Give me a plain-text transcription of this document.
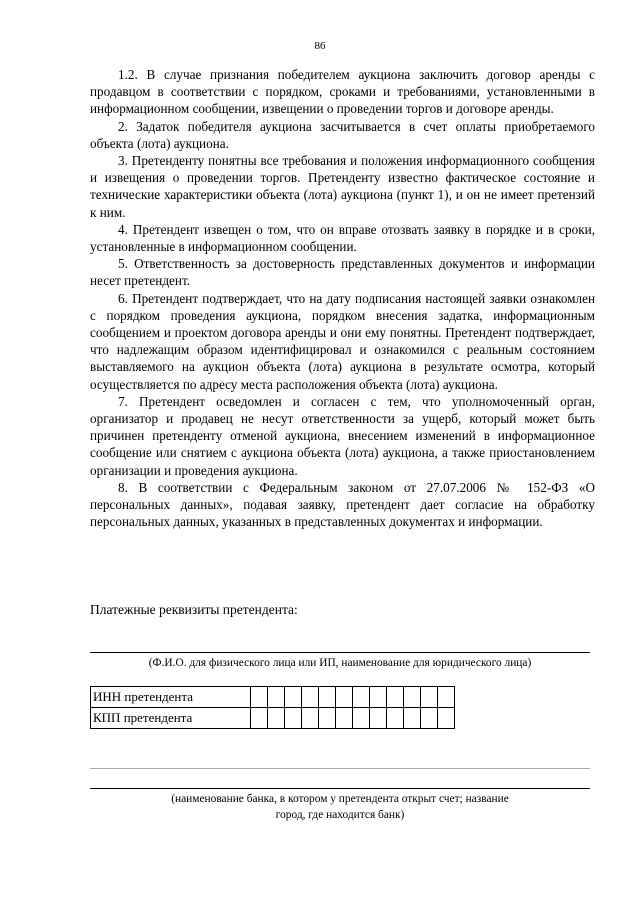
86

1.2. В случае признания победителем аукциона заключить договор аренды с продавцом в соответствии с порядком, сроками и требованиями, установленными в информационном сообщении, извещении о проведении торгов и договоре аренды.

2. Задаток победителя аукциона засчитывается в счет оплаты приобретаемого объекта (лота) аукциона.

3. Претенденту понятны все требования и положения информационного сообщения и извещения о проведении торгов. Претенденту известно фактическое состояние и технические характеристики объекта (лота) аукциона (пункт 1), и он не имеет претензий к ним.

4. Претендент извещен о том, что он вправе отозвать заявку в порядке и в сроки, установленные в информационном сообщении.

5. Ответственность за достоверность представленных документов и информации несет претендент.

6. Претендент подтверждает, что на дату подписания настоящей заявки ознакомлен с порядком проведения аукциона, порядком внесения задатка, информационным сообщением и проектом договора аренды и они ему понятны. Претендент подтверждает, что надлежащим образом идентифицировал и ознакомился с реальным состоянием выставляемого на аукцион объекта (лота) аукциона в результате осмотра, который осуществляется по адресу места расположения объекта (лота) аукциона.

7. Претендент осведомлен и согласен с тем, что уполномоченный орган, организатор и продавец не несут ответственности за ущерб, который может быть причинен претенденту отменой аукциона, внесением изменений в информационное сообщение или снятием с аукциона объекта (лота) аукциона, а также приостановлением организации и проведения аукциона.

8. В соответствии с Федеральным законом от 27.07.2006 № 152-ФЗ «О персональных данных», подавая заявку, претендент дает согласие на обработку персональных данных, указанных в представленных документах и информации.

Платежные реквизиты претендента:
(Ф.И.О. для физического лица или ИП, наименование для юридического лица)
ИНН претендента												
КПП претендента												
(наименование банка, в котором у претендента открыт счет; название
город, где находится банк)
